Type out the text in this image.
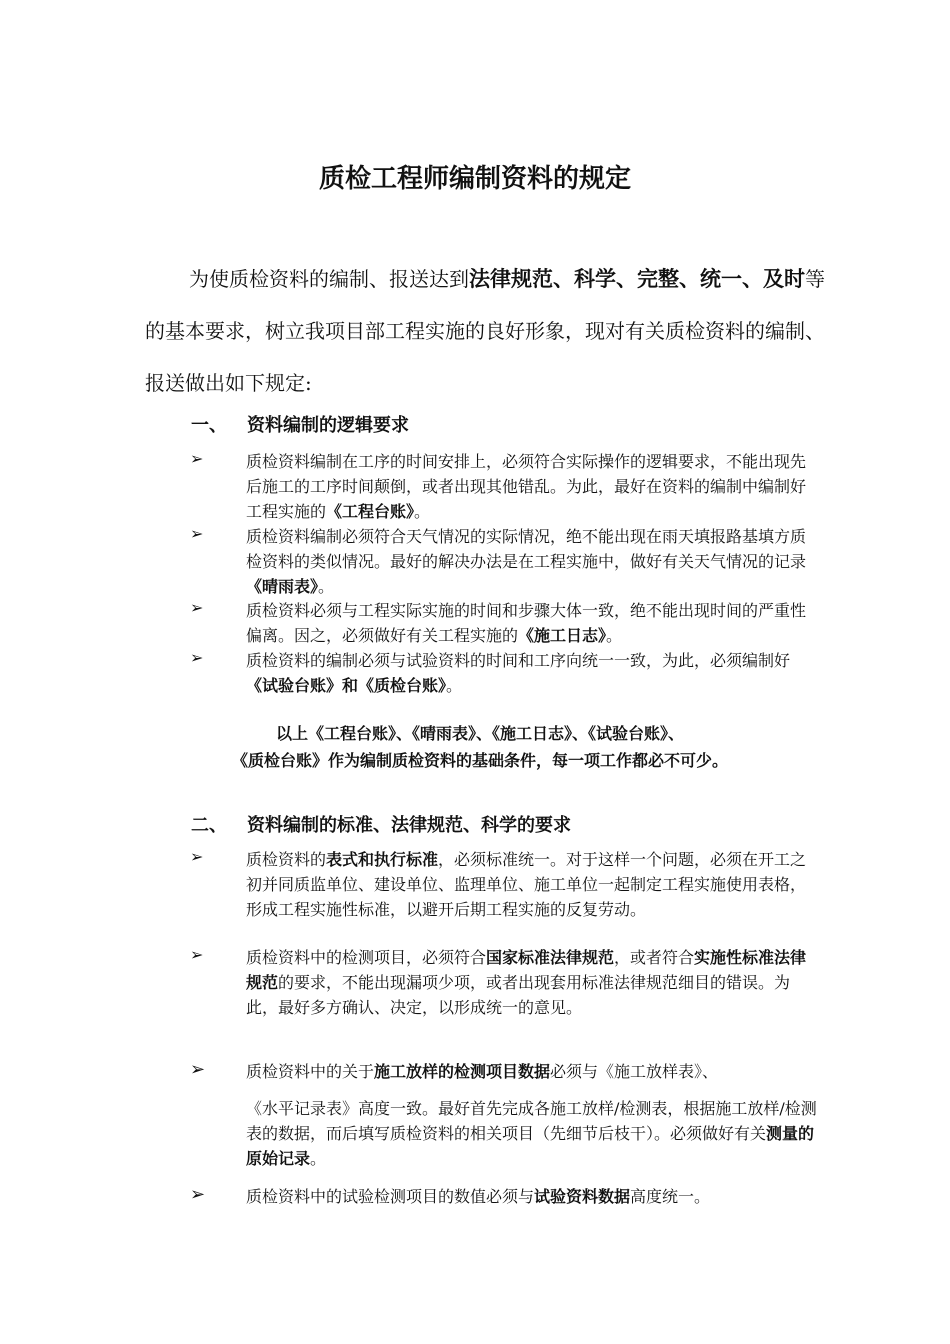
质检工程师编制资料的规定
为使质检资料的编制、报送达到法律规范、科学、完整、统一、及时等的基本要求，树立我项目部工程实施的良好形象，现对有关质检资料的编制、报送做出如下规定:
一、 资料编制的逻辑要求
➢	质检资料编制在工序的时间安排上，必须符合实际操作的逻辑要求，不能出现先后施工的工序时间颠倒，或者出现其他错乱。为此，最好在资料的编制中编制好工程实施的《工程台账》。
➢	质检资料编制必须符合天气情况的实际情况，绝不能出现在雨天填报路基填方质检资料的类似情况。最好的解决办法是在工程实施中，做好有关天气情况的记录《晴雨表》。
➢	质检资料必须与工程实际实施的时间和步骤大体一致，绝不能出现时间的严重性偏离。因之，必须做好有关工程实施的《施工日志》。
➢	质检资料的编制必须与试验资料的时间和工序向统一一致，为此，必须编制好《试验台账》和《质检台账》。
以上《工程台账》、《晴雨表》、《施工日志》、《试验台账》、
《质检台账》作为编制质检资料的基础条件，每一项工作都必不可少。
二、 资料编制的标准、法律规范、科学的要求
➢	质检资料的表式和执行标准，必须标准统一。对于这样一个问题，必须在开工之初并同质监单位、建设单位、监理单位、施工单位一起制定工程实施使用表格，形成工程实施性标准，以避开后期工程实施的反复劳动。
➢	质检资料中的检测项目，必须符合国家标准法律规范，或者符合实施性标准法律规范的要求，不能出现漏项少项，或者出现套用标准法律规范细目的错误。为此，最好多方确认、决定，以形成统一的意见。
➢	质检资料中的关于施工放样的检测项目数据必须与《施工放样表》、
《水平记录表》高度一致。最好首先完成各施工放样/检测表，根据施工放样/检测表的数据，而后填写质检资料的相关项目（先细节后枝干）。必须做好有关测量的原始记录。
➢	质检资料中的试验检测项目的数值必须与试验资料数据高度统一。
